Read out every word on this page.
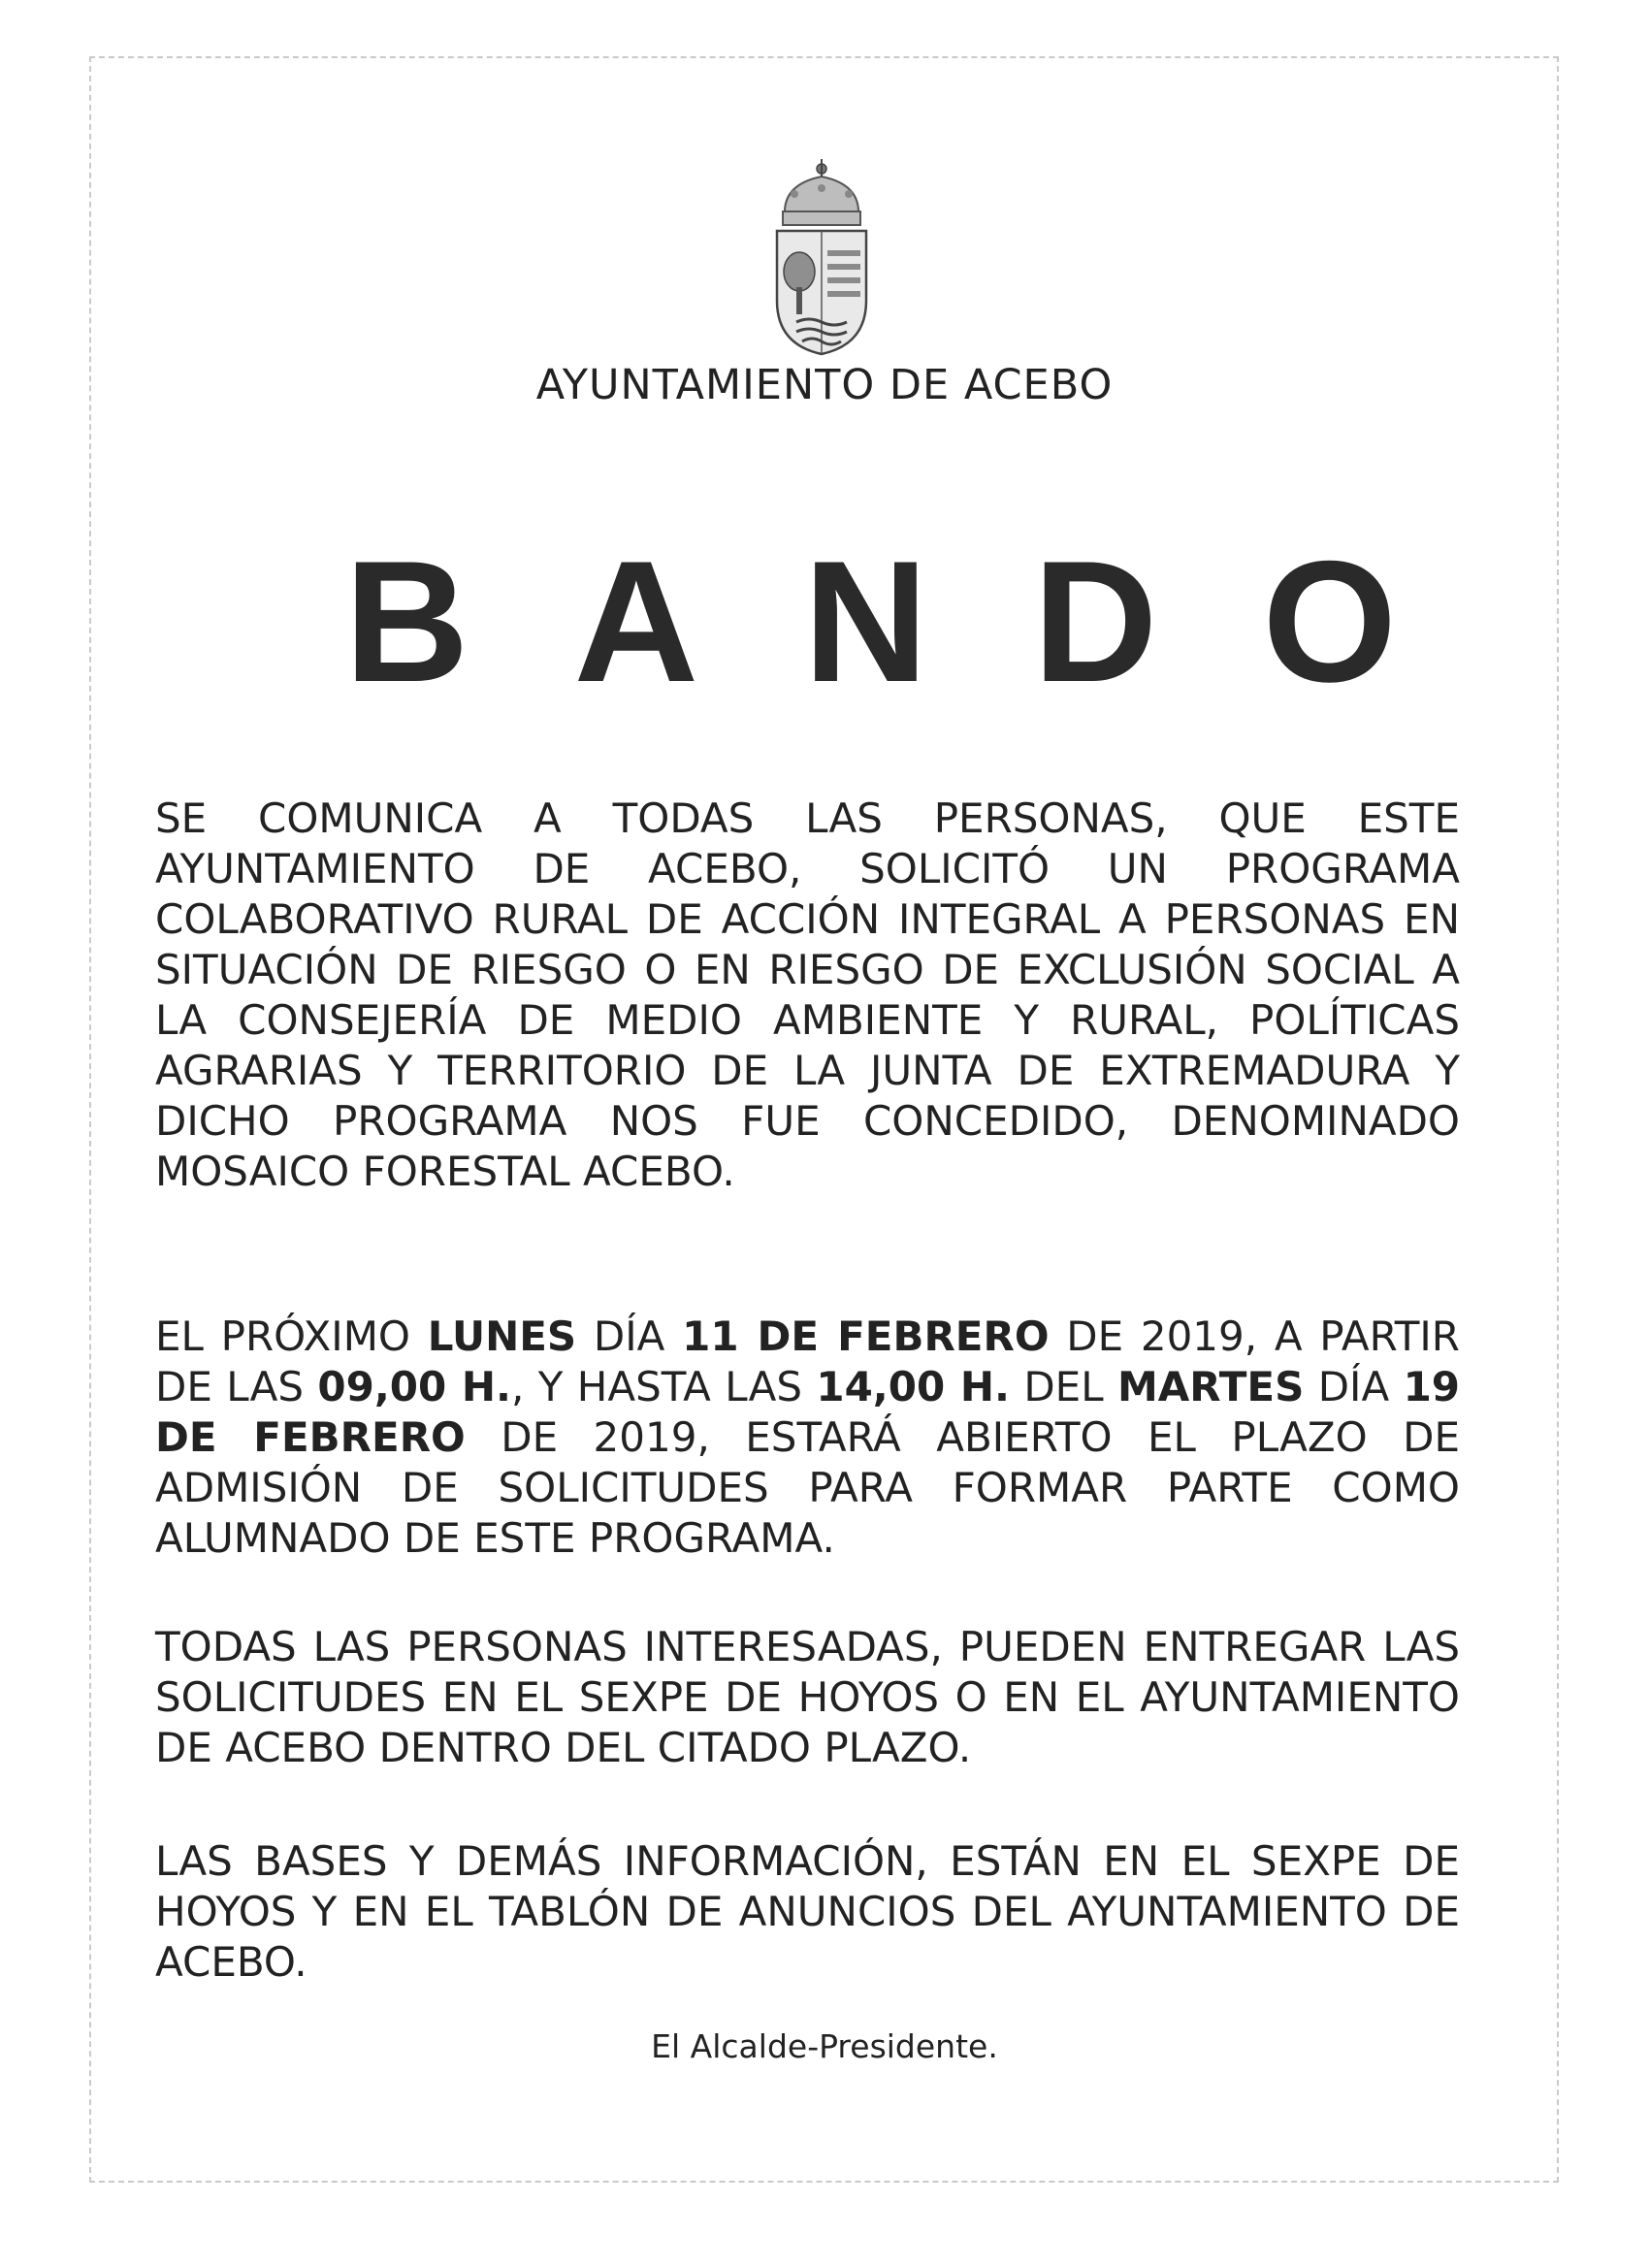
AYUNTAMIENTO DE ACEBO
B A N D O
SE COMUNICA A TODAS LAS PERSONAS, QUE ESTE AYUNTAMIENTO DE ACEBO, SOLICITÓ UN PROGRAMA COLABORATIVO RURAL DE ACCIÓN INTEGRAL A PERSONAS EN SITUACIÓN DE RIESGO O EN RIESGO DE EXCLUSIÓN SOCIAL A LA CONSEJERÍA DE MEDIO AMBIENTE Y RURAL, POLÍTICAS AGRARIAS Y TERRITORIO DE LA JUNTA DE EXTREMADURA Y DICHO PROGRAMA NOS FUE CONCEDIDO, DENOMINADO MOSAICO FORESTAL ACEBO.
EL PRÓXIMO LUNES DÍA 11 DE FEBRERO DE 2019, A PARTIR DE LAS 09,00 H., Y HASTA LAS 14,00 H. DEL MARTES DÍA 19 DE FEBRERO DE 2019, ESTARÁ ABIERTO EL PLAZO DE ADMISIÓN DE SOLICITUDES PARA FORMAR PARTE COMO ALUMNADO DE ESTE PROGRAMA.
TODAS LAS PERSONAS INTERESADAS, PUEDEN ENTREGAR LAS SOLICITUDES EN EL SEXPE DE HOYOS O EN EL AYUNTAMIENTO DE ACEBO DENTRO DEL CITADO PLAZO.
LAS BASES Y DEMÁS INFORMACIÓN, ESTÁN EN EL SEXPE DE HOYOS Y EN EL TABLÓN DE ANUNCIOS DEL AYUNTAMIENTO DE ACEBO.
El Alcalde-Presidente.
